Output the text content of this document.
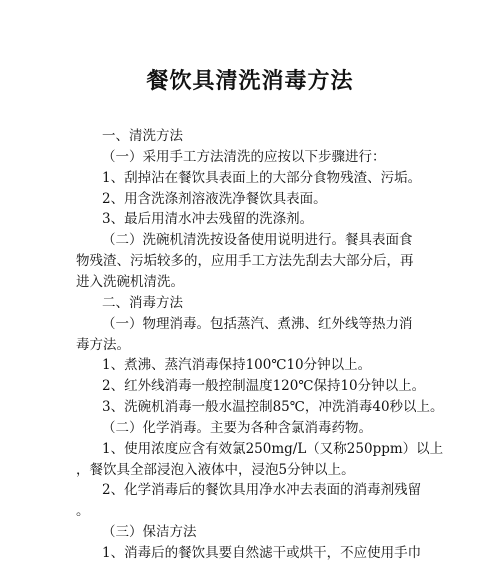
餐饮具清洗消毒方法
一、清洗方法
（一）采用手工方法清洗的应按以下步骤进行：
1、刮掉沾在餐饮具表面上的大部分食物残渣、污垢。
2、用含洗涤剂溶液洗净餐饮具表面。
3、最后用清水冲去残留的洗涤剂。
（二）洗碗机清洗按设备使用说明进行。餐具表面食
物残渣、污垢较多的，应用手工方法先刮去大部分后，再
进入洗碗机清洗。
二、消毒方法
（一）物理消毒。包括蒸汽、煮沸、红外线等热力消
毒方法。
1、煮沸、蒸汽消毒保持100℃10分钟以上。
2、红外线消毒一般控制温度120℃保持10分钟以上。
3、洗碗机消毒一般水温控制85℃，冲洗消毒40秒以上。
（二）化学消毒。主要为各种含氯消毒药物。
1、使用浓度应含有效氯250mg/L（又称250ppm）以上
，餐饮具全部浸泡入液体中，浸泡5分钟以上。
2、化学消毒后的餐饮具用净水冲去表面的消毒剂残留
。
（三）保洁方法
1、消毒后的餐饮具要自然滤干或烘干，不应使用手巾
